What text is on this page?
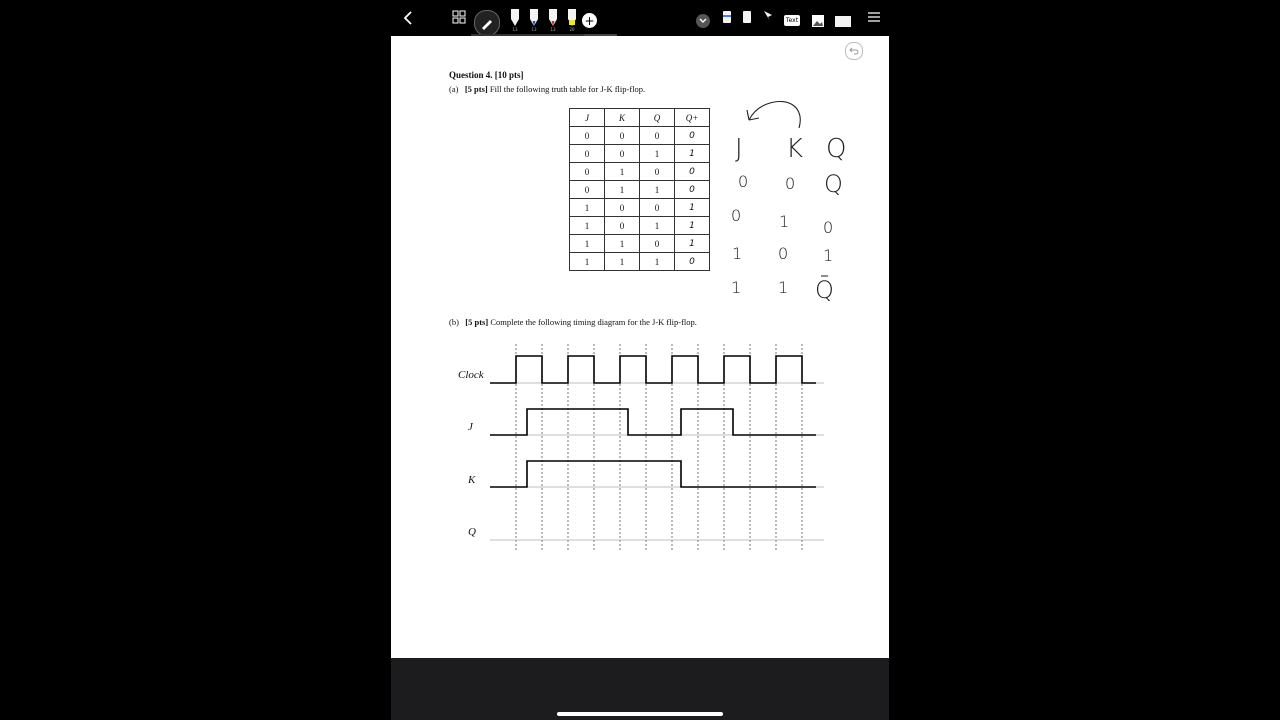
13	13	13	20
+	Text
Question 4. [10 pts]
(a) [5 pts] Fill the following truth table for J-K flip-flop.
J	K	Q	Q+
0	0	0	0
0	0	1	1
0	1	0	0
0	1	1	0
1	0	0	1
1	0	1	1
1	1	0	1
1	1	1	0
J K Q
0 0 Q
0 1 0
1 0 1
1 1 Q̄
(b) [5 pts] Complete the following timing diagram for the J-K flip-flop.
Clock
J
K
Q
